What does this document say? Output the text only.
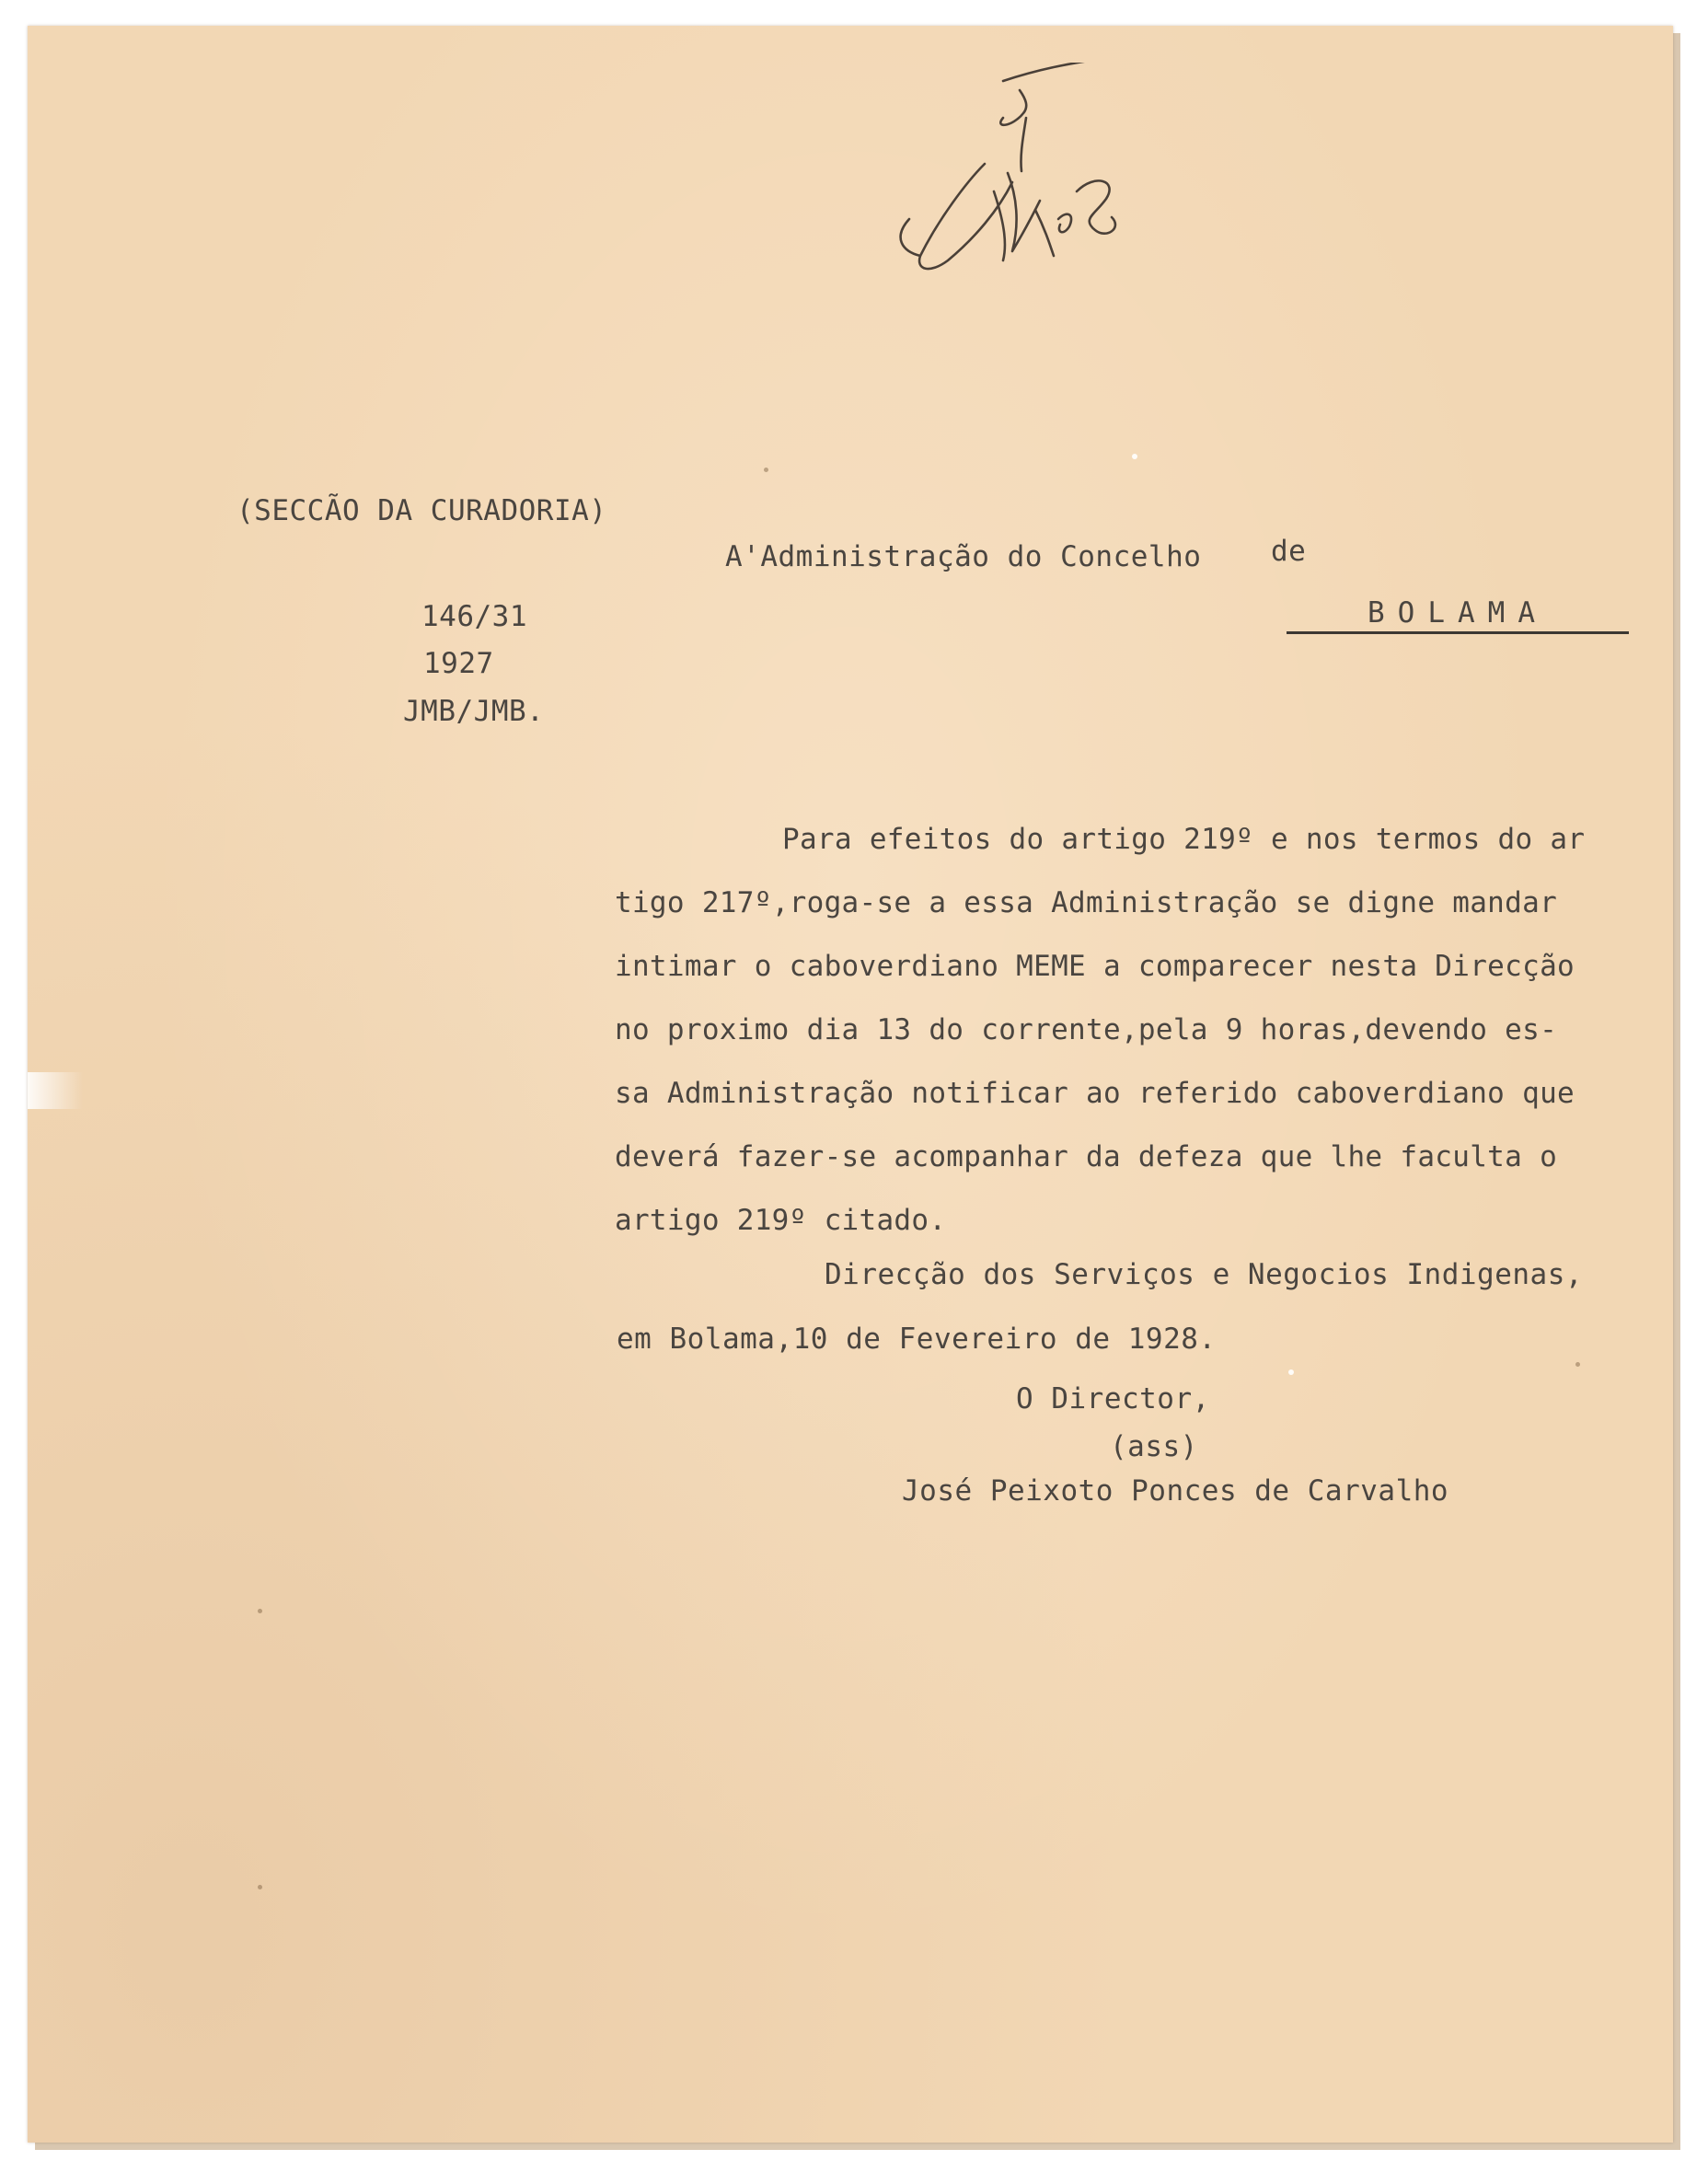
(SECCÃO DA CURADORIA)

A'Administração do Concelho de

BOLAMA

146/31

1927

JMB/JMB.

Para efeitos do artigo 219º e nos termos do ar
tigo 217º,roga-se a essa Administração se digne mandar
intimar o caboverdiano MEME a comparecer nesta Direcção
no proximo dia 13 do corrente,pela 9 horas,devendo es-
sa Administração notificar ao referido caboverdiano que
deverá fazer-se acompanhar da defeza que lhe faculta o
artigo 219º citado.

Direcção dos Serviços e Negocios Indigenas,

em Bolama,10 de Fevereiro de 1928.

O Director,

(ass)

José Peixoto Ponces de Carvalho
